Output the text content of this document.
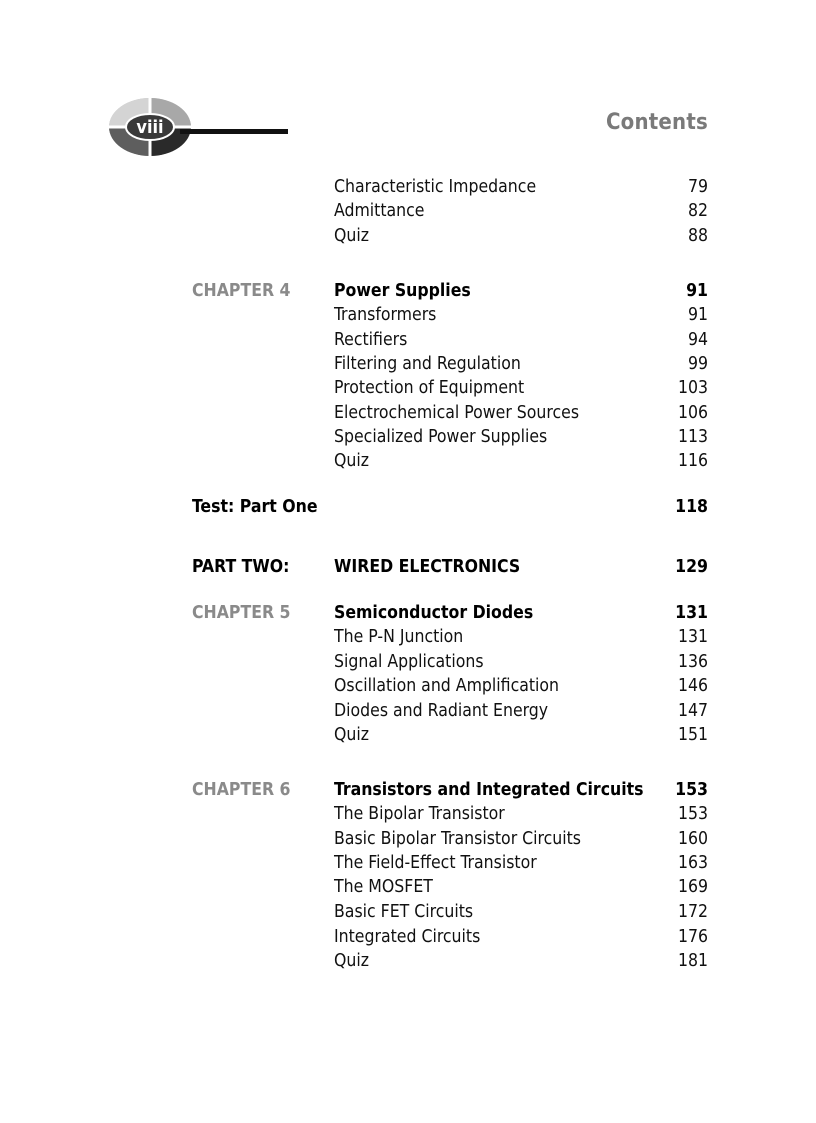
viii	Contents
Characteristic Impedance	79
Admittance	82
Quiz	88
CHAPTER 4 Power Supplies	91
Transformers	91
Rectifiers	94
Filtering and Regulation	99
Protection of Equipment	103
Electrochemical Power Sources	106
Specialized Power Supplies	113
Quiz	116
Test: Part One	118
PART TWO:	WIRED ELECTRONICS	129
CHAPTER 5 Semiconductor Diodes	131
The P-N Junction	131
Signal Applications	136
Oscillation and Amplification	146
Diodes and Radiant Energy	147
Quiz	151
CHAPTER 6 Transistors and Integrated Circuits 153
The Bipolar Transistor	153
Basic Bipolar Transistor Circuits	160
The Field-Effect Transistor	163
The MOSFET	169
Basic FET Circuits	172
Integrated Circuits	176
Quiz	181
